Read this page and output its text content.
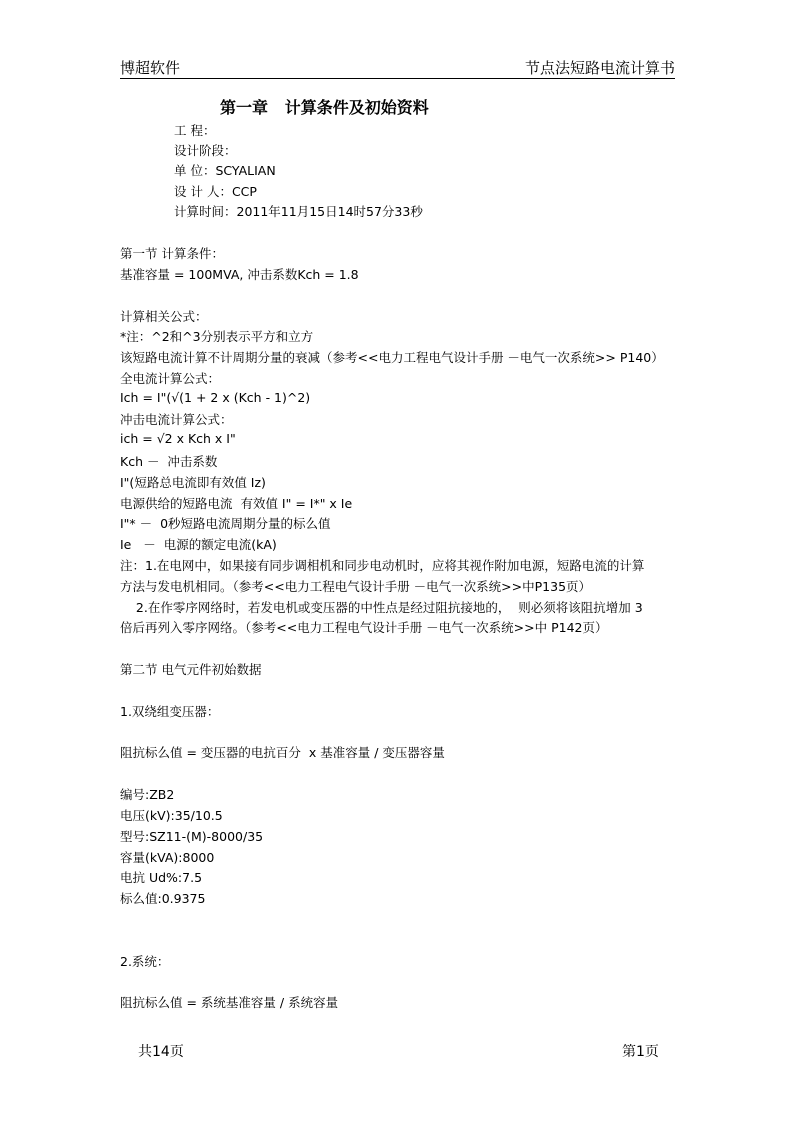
博超软件	节点法短路电流计算书
第一章   计算条件及初始资料
工 程：
设计阶段：
单 位：SCYALIAN
设 计 人：CCP
计算时间：2011年11月15日14时57分33秒
第一节 计算条件：
基准容量 = 100MVA, 冲击系数Kch = 1.8
计算相关公式：
*注：^2和^3分别表示平方和立方
该短路电流计算不计周期分量的衰减（参考<<电力工程电气设计手册 －电气一次系统>> P140）
全电流计算公式：
Ich = I"(√(1 + 2 x (Kch - 1)^2)
冲击电流计算公式：
ich = √2 x Kch x I"
Kch －  冲击系数
I"(短路总电流即有效值 Iz)
电源供给的短路电流  有效值 I" = I*" x Ie
I"* －  0秒短路电流周期分量的标么值
Ie   －  电源的额定电流(kA)
注：1.在电网中，如果接有同步调相机和同步电动机时，应将其视作附加电源，短路电流的计算
方法与发电机相同。（参考<<电力工程电气设计手册 －电气一次系统>>中P135页）
2.在作零序网络时，若发电机或变压器的中性点是经过阻抗接地的，  则必须将该阻抗增加 3
倍后再列入零序网络。（参考<<电力工程电气设计手册 －电气一次系统>>中 P142页）
第二节 电气元件初始数据
1.双绕组变压器：
阻抗标么值 = 变压器的电抗百分  x 基准容量 / 变压器容量
编号:ZB2
电压(kV):35/10.5
型号:SZ11-(M)-8000/35
容量(kVA):8000
电抗 Ud%:7.5
标么值:0.9375
2.系统：
阻抗标么值 = 系统基准容量 / 系统容量
共14页	第1页
